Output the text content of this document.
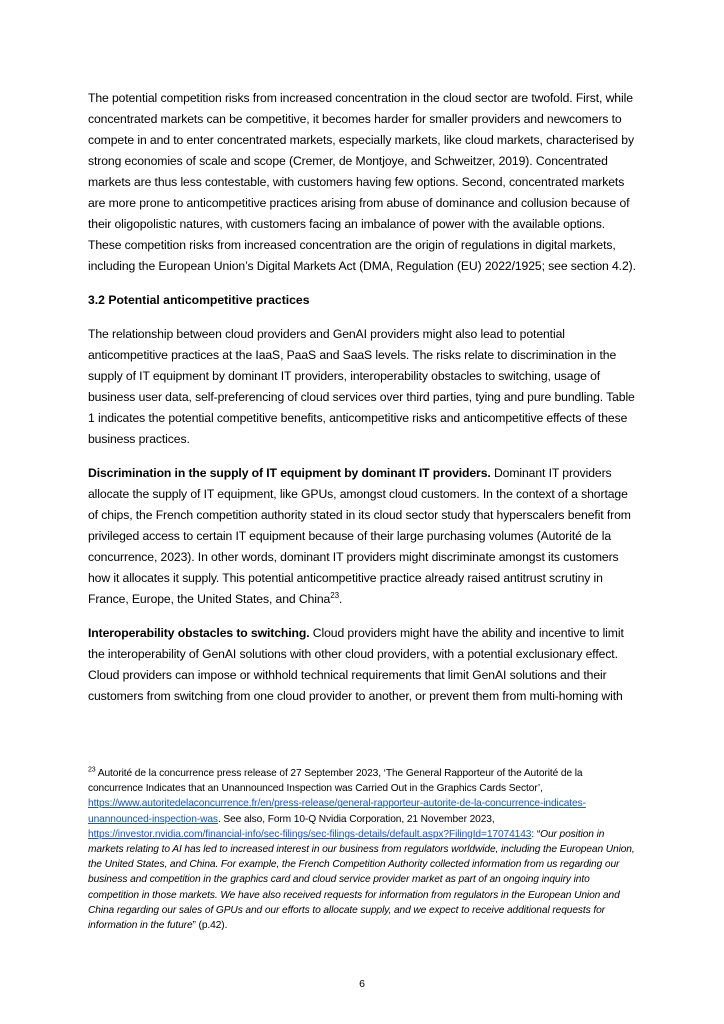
The potential competition risks from increased concentration in the cloud sector are twofold. First, while concentrated markets can be competitive, it becomes harder for smaller providers and newcomers to compete in and to enter concentrated markets, especially markets, like cloud markets, characterised by strong economies of scale and scope (Cremer, de Montjoye, and Schweitzer, 2019). Concentrated markets are thus less contestable, with customers having few options. Second, concentrated markets are more prone to anticompetitive practices arising from abuse of dominance and collusion because of their oligopolistic natures, with customers facing an imbalance of power with the available options. These competition risks from increased concentration are the origin of regulations in digital markets, including the European Union’s Digital Markets Act (DMA, Regulation (EU) 2022/1925; see section 4.2).

3.2 Potential anticompetitive practices

The relationship between cloud providers and GenAI providers might also lead to potential anticompetitive practices at the IaaS, PaaS and SaaS levels. The risks relate to discrimination in the supply of IT equipment by dominant IT providers, interoperability obstacles to switching, usage of business user data, self-preferencing of cloud services over third parties, tying and pure bundling. Table 1 indicates the potential competitive benefits, anticompetitive risks and anticompetitive effects of these business practices.

Discrimination in the supply of IT equipment by dominant IT providers. Dominant IT providers allocate the supply of IT equipment, like GPUs, amongst cloud customers. In the context of a shortage of chips, the French competition authority stated in its cloud sector study that hyperscalers benefit from privileged access to certain IT equipment because of their large purchasing volumes (Autorité de la concurrence, 2023). In other words, dominant IT providers might discriminate amongst its customers how it allocates it supply. This potential anticompetitive practice already raised antitrust scrutiny in France, Europe, the United States, and China$^{23}$.

Interoperability obstacles to switching. Cloud providers might have the ability and incentive to limit the interoperability of GenAI solutions with other cloud providers, with a potential exclusionary effect. Cloud providers can impose or withhold technical requirements that limit GenAI solutions and their customers from switching from one cloud provider to another, or prevent them from multi-homing with

$^{23}$ Autorité de la concurrence press release of 27 September 2023, ‘The General Rapporteur of the Autorité de la concurrence Indicates that an Unannounced Inspection was Carried Out in the Graphics Cards Sector’, https://www.autoritedelaconcurrence.fr/en/press-release/general-rapporteur-autorite-de-la-concurrence-indicates-unannounced-inspection-was. See also, Form 10-Q Nvidia Corporation, 21 November 2023, https://investor.nvidia.com/financial-info/sec-filings/sec-filings-details/default.aspx?FilingId=17074143: “Our position in markets relating to AI has led to increased interest in our business from regulators worldwide, including the European Union, the United States, and China. For example, the French Competition Authority collected information from us regarding our business and competition in the graphics card and cloud service provider market as part of an ongoing inquiry into competition in those markets. We have also received requests for information from regulators in the European Union and China regarding our sales of GPUs and our efforts to allocate supply, and we expect to receive additional requests for information in the future” (p.42).

6
